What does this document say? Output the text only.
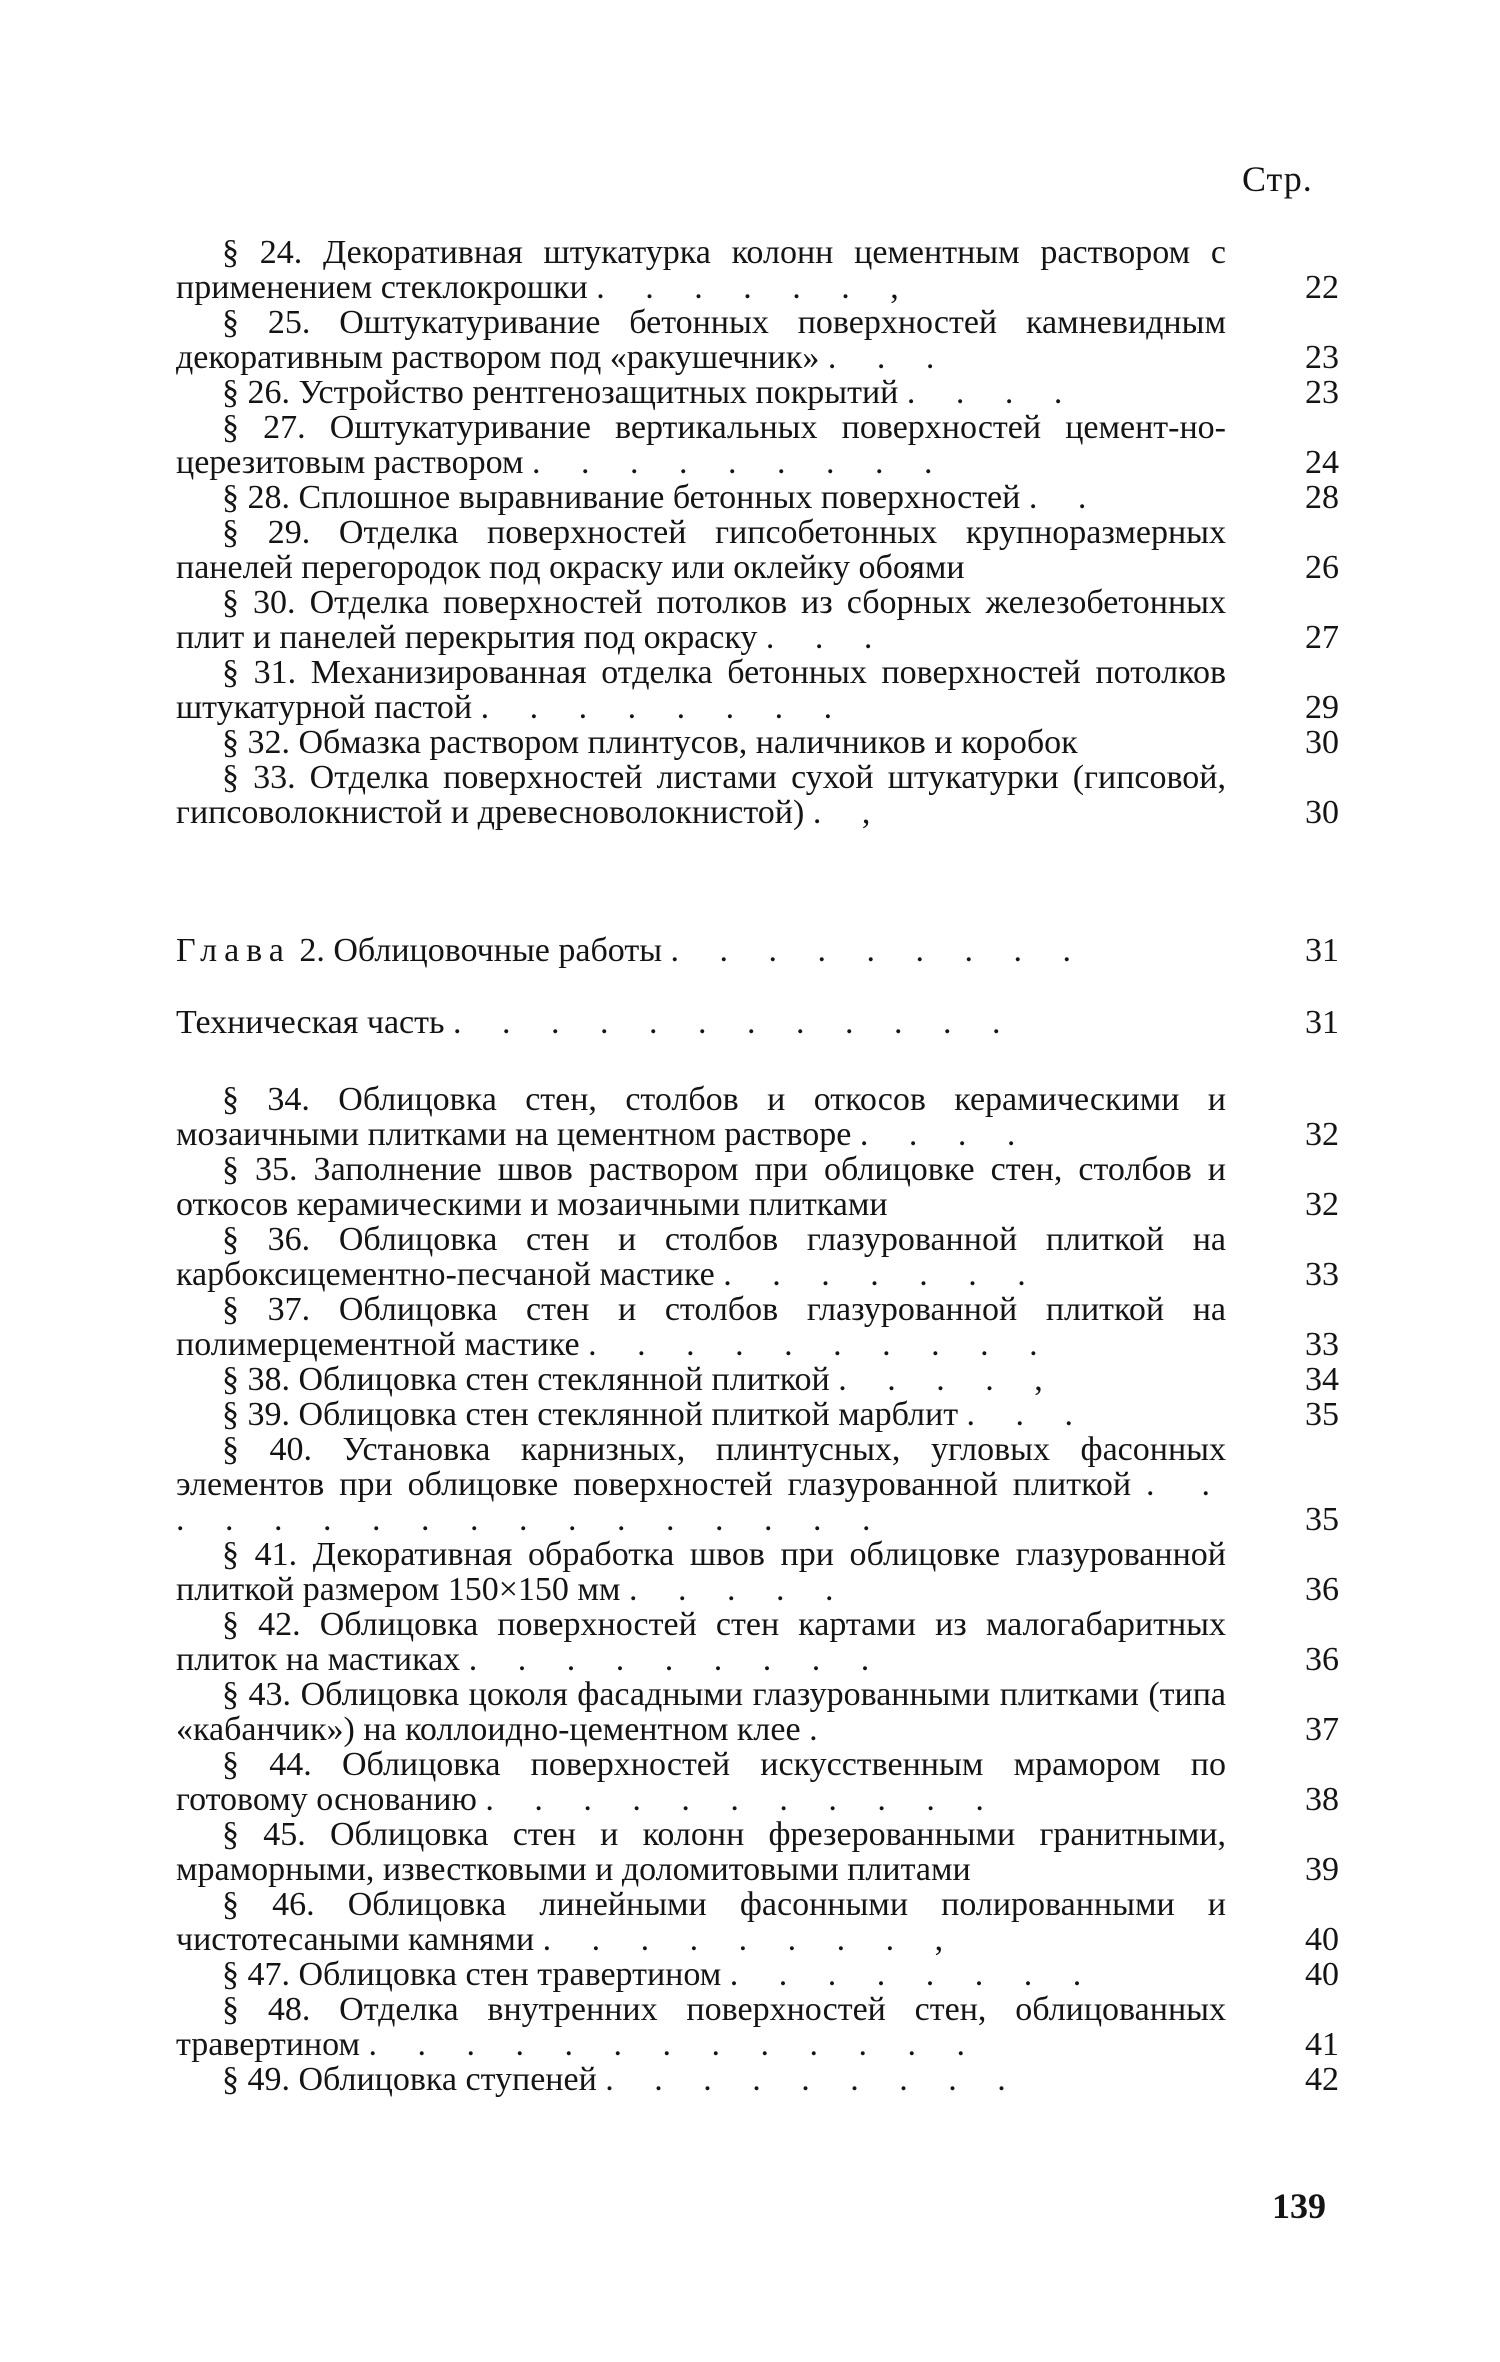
Стр.
§ 24. Декоративная штукатурка колонн цементным раствором с применением стеклокрошки . . . . . . ,	22
§ 25. Оштукатуривание бетонных поверхностей камневидным декоративным раствором под «ракушечник» . . .	23
§ 26. Устройство рентгенозащитных покрытий . . . .	23
§ 27. Оштукатуривание вертикальных поверхностей цемент-но-церезитовым раствором . . . . . . . . .	24
§ 28. Сплошное выравнивание бетонных поверхностей . .	28
§ 29. Отделка поверхностей гипсобетонных крупноразмерных панелей перегородок под окраску или оклейку обоями	26
§ 30. Отделка поверхностей потолков из сборных железобетонных плит и панелей перекрытия под окраску . . .	27
§ 31. Механизированная отделка бетонных поверхностей потолков штукатурной пастой . . . . . . . .	29
§ 32. Обмазка раствором плинтусов, наличников и коробок	30
§ 33. Отделка поверхностей листами сухой штукатурки (гипсовой, гипсоволокнистой и древесноволокнистой) . ,	30
Глава 2. Облицовочные работы . . . . . . . . .	31
Техническая часть . . . . . . . . . . . .	31
§ 34. Облицовка стен, столбов и откосов керамическими и мозаичными плитками на цементном растворе . . . .	32
§ 35. Заполнение швов раствором при облицовке стен, столбов и откосов керамическими и мозаичными плитками	32
§ 36. Облицовка стен и столбов глазурованной плиткой на карбоксицементно-песчаной мастике . . . . . . .	33
§ 37. Облицовка стен и столбов глазурованной плиткой на полимерцементной мастике . . . . . . . . . .	33
§ 38. Облицовка стен стеклянной плиткой . . . . ,	34
§ 39. Облицовка стен стеклянной плиткой марблит . . .	35
§ 40. Установка карнизных, плинтусных, угловых фасонных элементов при облицовке поверхностей глазурованной плиткой . . . . . . . . . . . . . . . . .	35
§ 41. Декоративная обработка швов при облицовке глазурованной плиткой размером 150×150 мм . . . . .	36
§ 42. Облицовка поверхностей стен картами из малогабаритных плиток на мастиках . . . . . . . . .	36
§ 43. Облицовка цоколя фасадными глазурованными плитками (типа «кабанчик») на коллоидно-цементном клее .	37
§ 44. Облицовка поверхностей искусственным мрамором по готовому основанию . . . . . . . . . . .	38
§ 45. Облицовка стен и колонн фрезерованными гранитными, мраморными, известковыми и доломитовыми плитами	39
§ 46. Облицовка линейными фасонными полированными и чистотесаными камнями . . . . . . . . ,	40
§ 47. Облицовка стен травертином . . . . . . . .	40
§ 48. Отделка внутренних поверхностей стен, облицованных травертином . . . . . . . . . . . . .	41
§ 49. Облицовка ступеней . . . . . . . . .	42
139
